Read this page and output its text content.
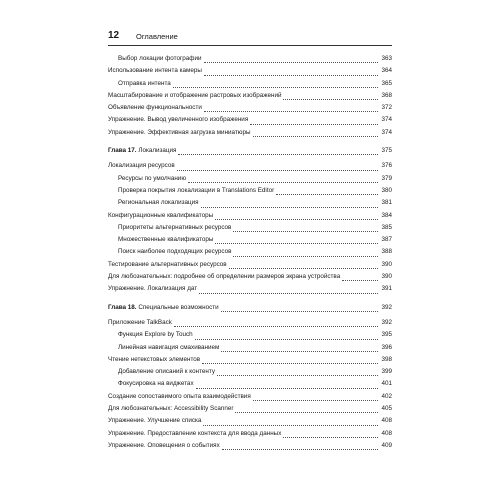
12 Оглавление
Выбор локации фотографии	363
Использование интента камеры	364
Отправка интента	365
Масштабирование и отображение растровых изображений	368
Объявление функциональности	372
Упражнение. Вывод увеличенного изображения	374
Упражнение. Эффективная загрузка миниатюры	374
Глава 17. Локализация	375
Локализация ресурсов	376
Ресурсы по умолчанию	379
Проверка покрытия локализации в Translations Editor	380
Региональная локализация	381
Конфигурационные квалификаторы	384
Приоритеты альтернативных ресурсов	385
Множественные квалификаторы	387
Поиск наиболее подходящих ресурсов	388
Тестирование альтернативных ресурсов	390
Для любознательных: подробнее об определении размеров экрана устройства	390
Упражнение. Локализация дат	391
Глава 18. Специальные возможности	392
Приложение TalkBack	392
Функция Explore by Touch	395
Линейная навигация смахиванием	396
Чтение нетекстовых элементов	398
Добавление описаний к контенту	399
Фокусировка на виджетах	401
Создание сопоставимого опыта взаимодействия	402
Для любознательных: Accessibility Scanner	405
Упражнение. Улучшение списка	408
Упражнение. Предоставление контекста для ввода данных	408
Упражнение. Оповещения о событиях	409
